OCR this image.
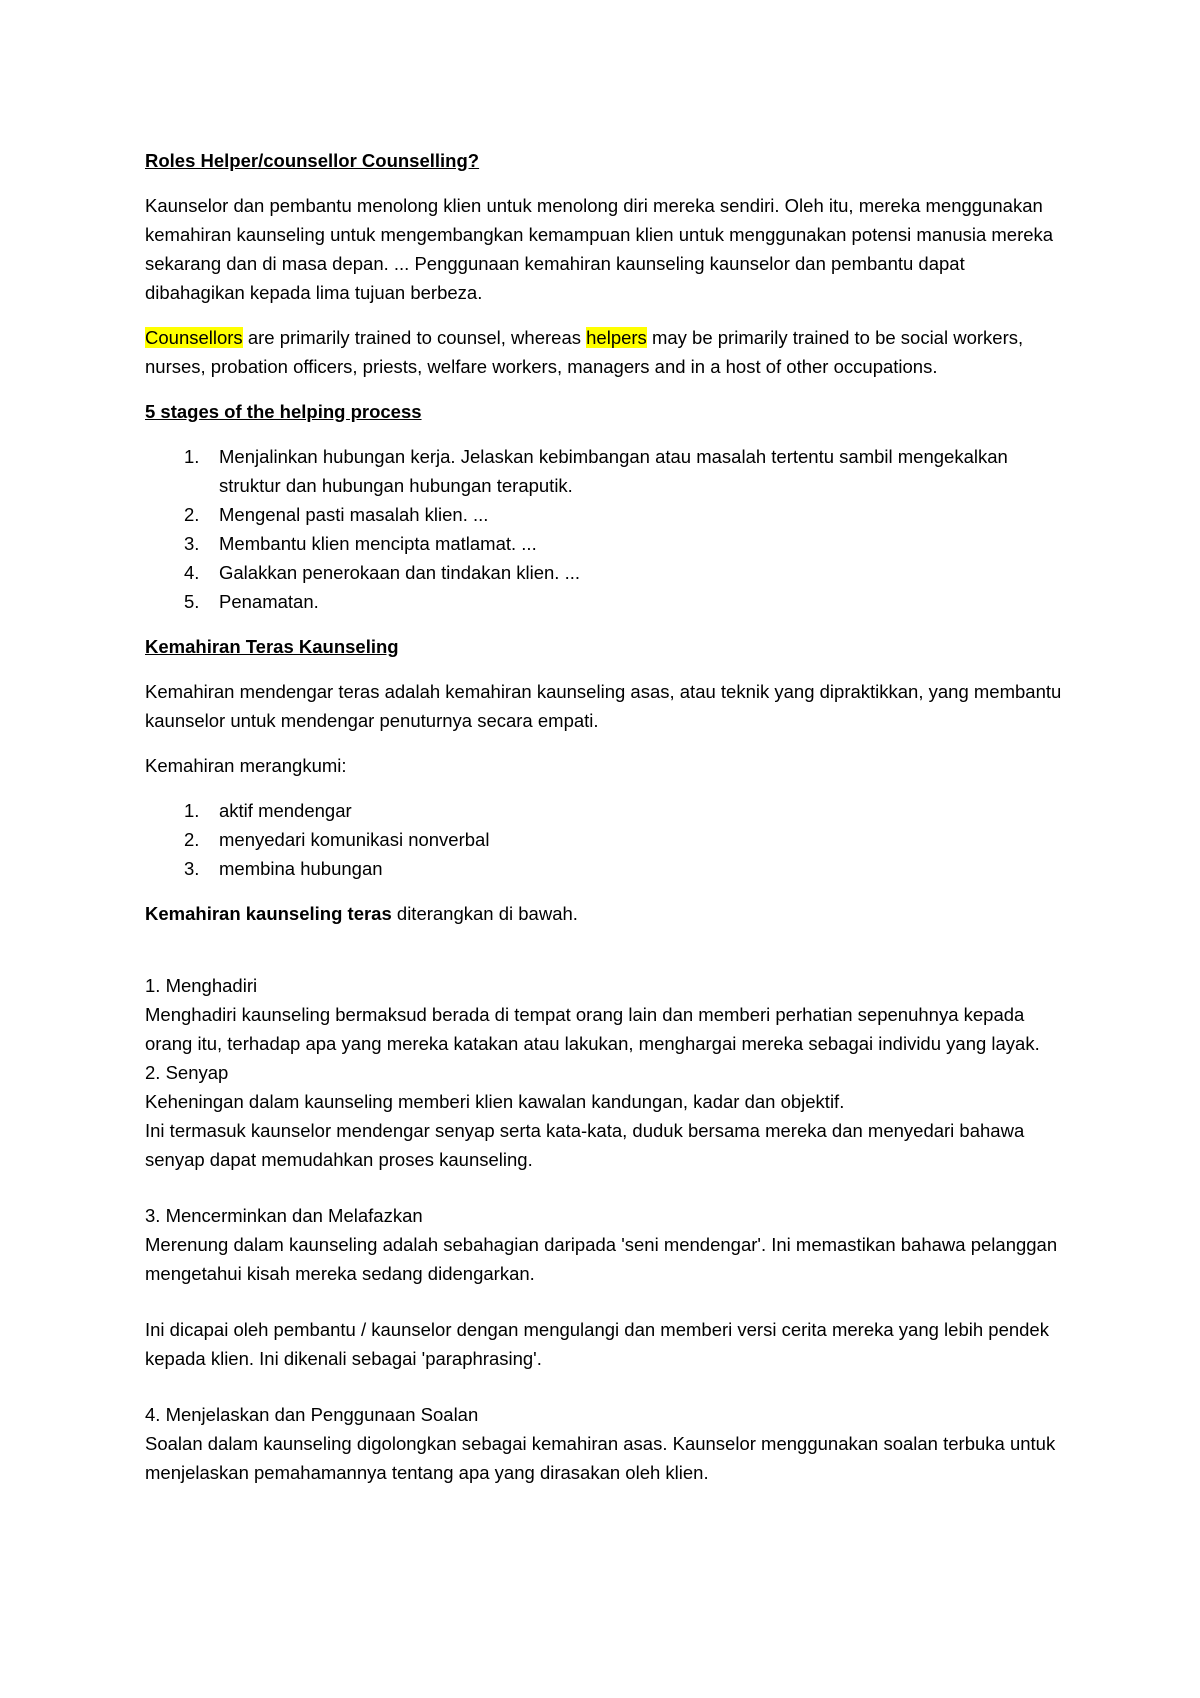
Roles Helper/counsellor Counselling?

Kaunselor dan pembantu menolong klien untuk menolong diri mereka sendiri. Oleh itu, mereka menggunakan kemahiran kaunseling untuk mengembangkan kemampuan klien untuk menggunakan potensi manusia mereka sekarang dan di masa depan. ... Penggunaan kemahiran kaunseling kaunselor dan pembantu dapat dibahagikan kepada lima tujuan berbeza.

Counsellors are primarily trained to counsel, whereas helpers may be primarily trained to be social workers, nurses, probation officers, priests, welfare workers, managers and in a host of other occupations.

5 stages of the helping process

1. Menjalinkan hubungan kerja. Jelaskan kebimbangan atau masalah tertentu sambil mengekalkan struktur dan hubungan hubungan teraputik.
2. Mengenal pasti masalah klien. ...
3. Membantu klien mencipta matlamat. ...
4. Galakkan penerokaan dan tindakan klien. ...
5. Penamatan.

Kemahiran Teras Kaunseling

Kemahiran mendengar teras adalah kemahiran kaunseling asas, atau teknik yang dipraktikkan, yang membantu kaunselor untuk mendengar penuturnya secara empati.

Kemahiran merangkumi:

1. aktif mendengar
2. menyedari komunikasi nonverbal
3. membina hubungan

Kemahiran kaunseling teras diterangkan di bawah.

1. Menghadiri

Menghadiri kaunseling bermaksud berada di tempat orang lain dan memberi perhatian sepenuhnya kepada orang itu, terhadap apa yang mereka katakan atau lakukan, menghargai mereka sebagai individu yang layak.

2. Senyap

Keheningan dalam kaunseling memberi klien kawalan kandungan, kadar dan objektif.

Ini termasuk kaunselor mendengar senyap serta kata-kata, duduk bersama mereka dan menyedari bahawa senyap dapat memudahkan proses kaunseling.

3. Mencerminkan dan Melafazkan

Merenung dalam kaunseling adalah sebahagian daripada 'seni mendengar'. Ini memastikan bahawa pelanggan mengetahui kisah mereka sedang didengarkan.

Ini dicapai oleh pembantu / kaunselor dengan mengulangi dan memberi versi cerita mereka yang lebih pendek kepada klien. Ini dikenali sebagai 'paraphrasing'.

4. Menjelaskan dan Penggunaan Soalan

Soalan dalam kaunseling digolongkan sebagai kemahiran asas. Kaunselor menggunakan soalan terbuka untuk menjelaskan pemahamannya tentang apa yang dirasakan oleh klien.
